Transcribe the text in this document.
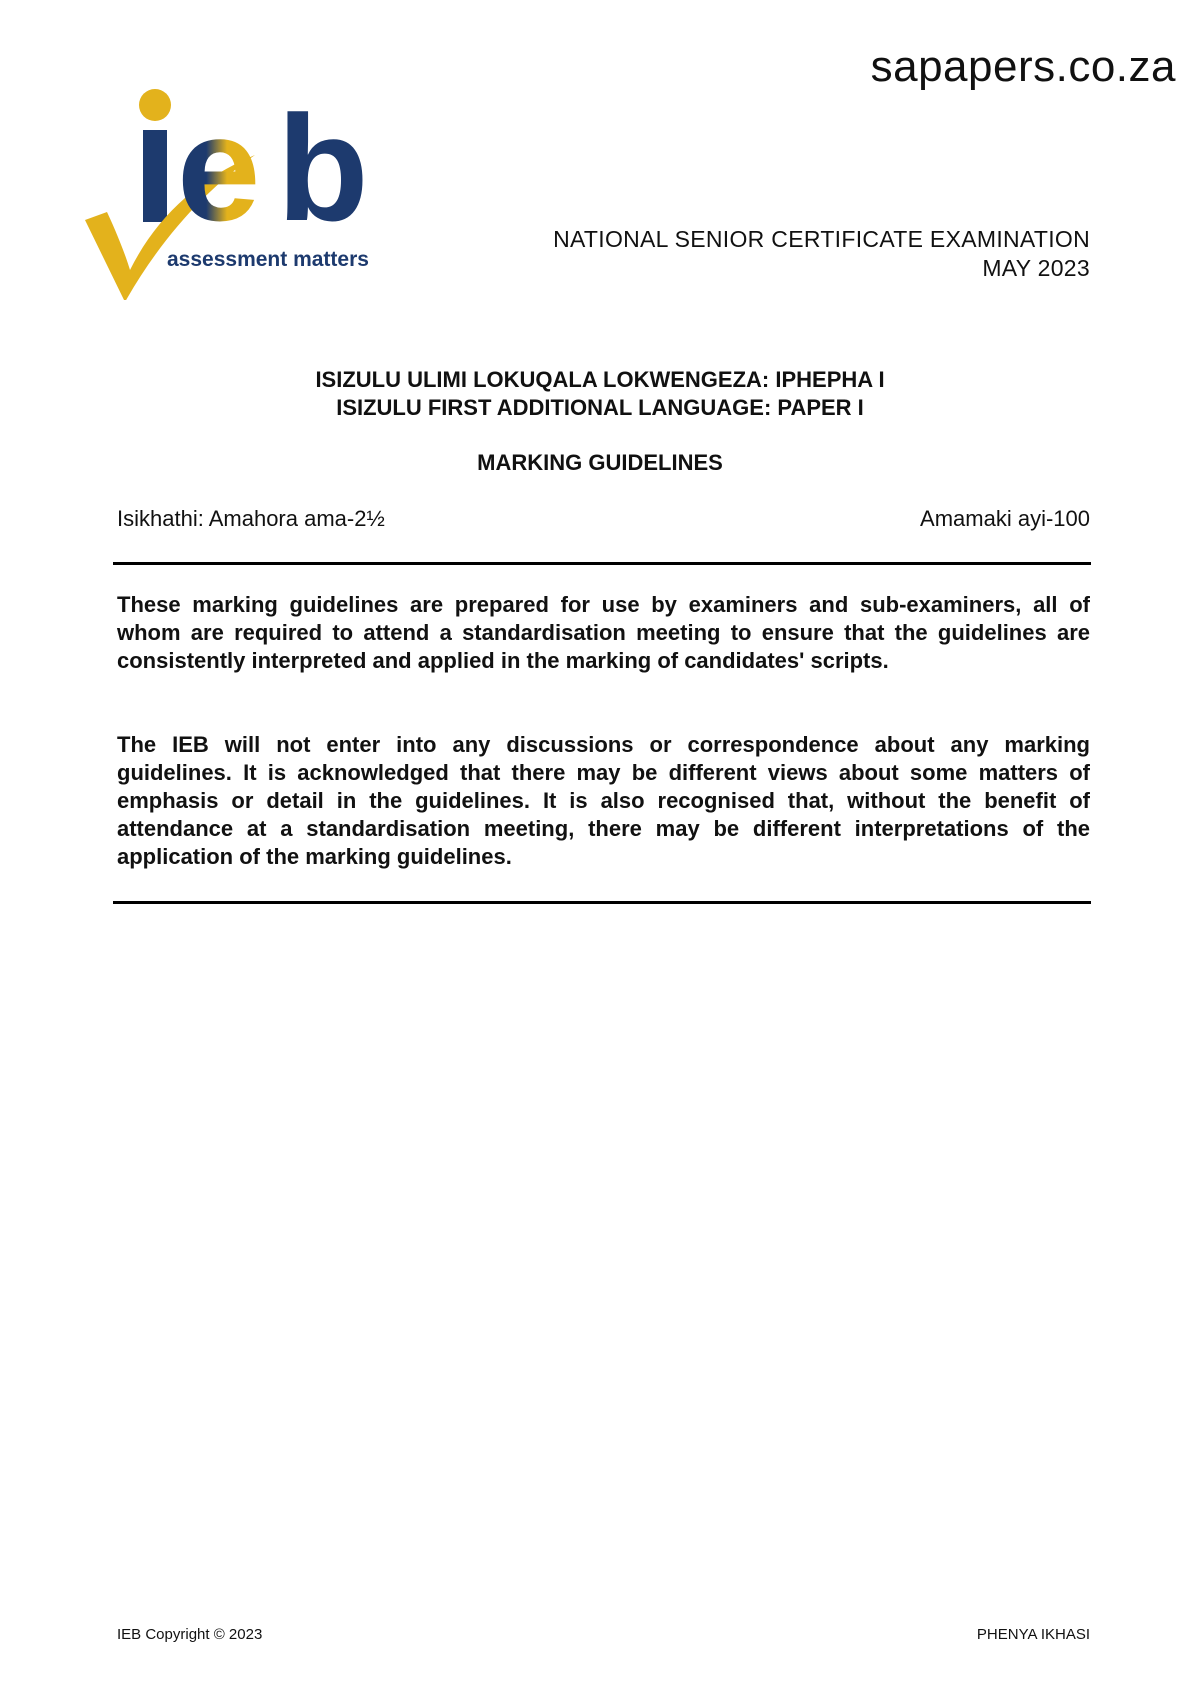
sapapers.co.za
e b
assessment matters
NATIONAL SENIOR CERTIFICATE EXAMINATION
MAY 2023
ISIZULU ULIMI LOKUQALA LOKWENGEZA: IPHEPHA I
ISIZULU FIRST ADDITIONAL LANGUAGE: PAPER I
MARKING GUIDELINES
Isikhathi: Amahora ama-2½	Amamaki ayi-100
These marking guidelines are prepared for use by examiners and sub-examiners, all of whom are required to attend a standardisation meeting to ensure that the guidelines are consistently interpreted and applied in the marking of candidates' scripts.
The IEB will not enter into any discussions or correspondence about any marking guidelines. It is acknowledged that there may be different views about some matters of emphasis or detail in the guidelines. It is also recognised that, without the benefit of attendance at a standardisation meeting, there may be different interpretations of the application of the marking guidelines.
IEB Copyright © 2023	PHENYA IKHASI
